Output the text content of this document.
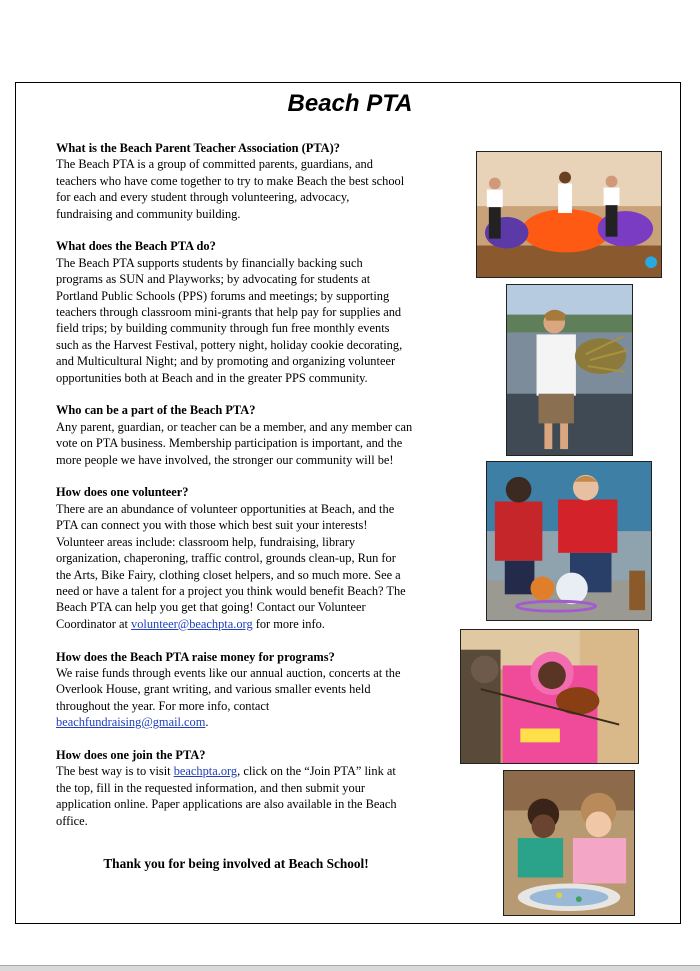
Beach PTA

What is the Beach Parent Teacher Association (PTA)?

The Beach PTA is a group of committed parents, guardians, and
teachers who have come together to try to make Beach the best school
for each and every student through volunteering, advocacy,
fundraising and community building.

What does the Beach PTA do?

The Beach PTA supports students by financially backing such
programs as SUN and Playworks; by advocating for students at
Portland Public Schools (PPS) forums and meetings; by supporting
teachers through classroom mini-grants that help pay for supplies and
field trips; by building community through fun free monthly events
such as the Harvest Festival, pottery night, holiday cookie decorating,
and Multicultural Night; and by promoting and organizing volunteer
opportunities both at Beach and in the greater PPS community.

Who can be a part of the Beach PTA?

Any parent, guardian, or teacher can be a member, and any member can
vote on PTA business. Membership participation is important, and the
more people we have involved, the stronger our community will be!

How does one volunteer?

There are an abundance of volunteer opportunities at Beach, and the
PTA can connect you with those which best suit your interests!
Volunteer areas include: classroom help, fundraising, library
organization, chaperoning, traffic control, grounds clean-up, Run for
the Arts, Bike Fairy, clothing closet helpers, and so much more. See a
need or have a talent for a project you think would benefit Beach? The
Beach PTA can help you get that going! Contact our Volunteer
Coordinator at volunteer@beachpta.org for more info.

How does the Beach PTA raise money for programs?

We raise funds through events like our annual auction, concerts at the
Overlook House, grant writing, and various smaller events held
throughout the year. For more info, contact
beachfundraising@gmail.com.

How does one join the PTA?

The best way is to visit beachpta.org, click on the “Join PTA” link at
the top, fill in the requested information, and then submit your
application online. Paper applications are also available in the Beach
office.

Thank you for being involved at Beach School!
